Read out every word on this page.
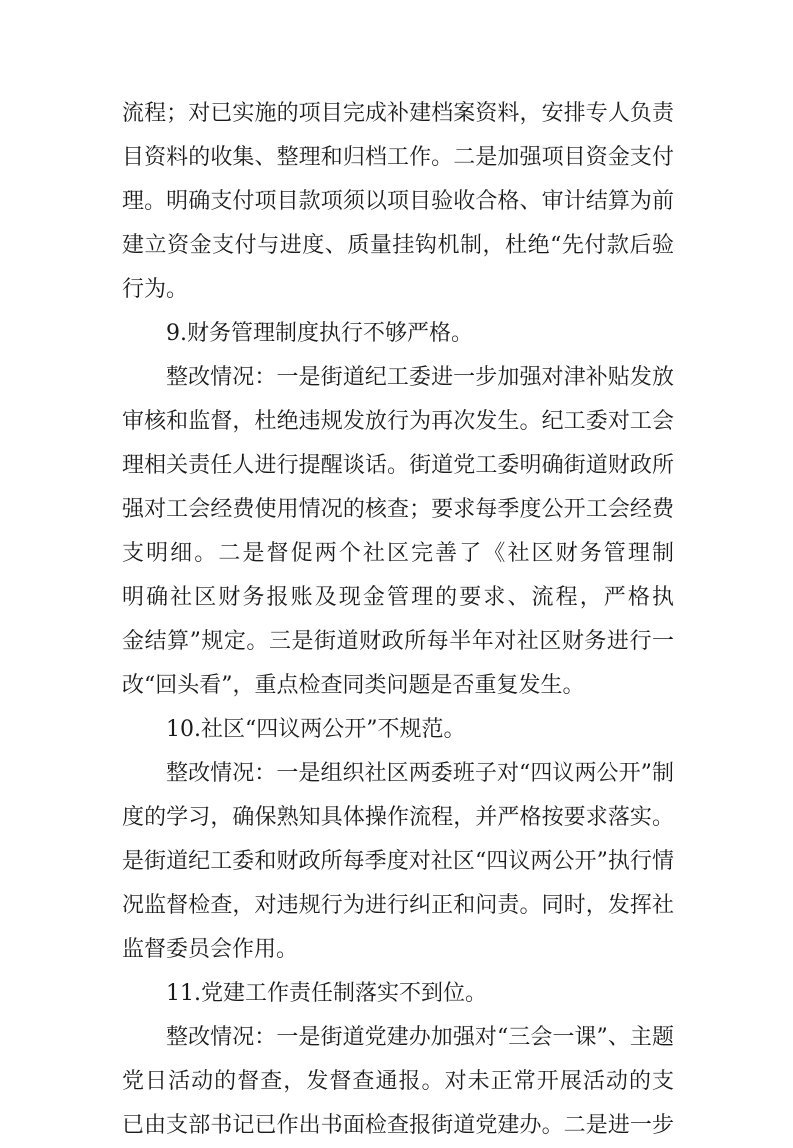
流程；对已实施的项目完成补建档案资料，安排专人负责
目资料的收集、整理和归档工作。二是加强项目资金支付
理。明确支付项目款项须以项目验收合格、审计结算为前
建立资金支付与进度、质量挂钩机制，杜绝“先付款后验
行为。
9.财务管理制度执行不够严格。
整改情况：一是街道纪工委进一步加强对津补贴发放
审核和监督，杜绝违规发放行为再次发生。纪工委对工会
理相关责任人进行提醒谈话。街道党工委明确街道财政所
强对工会经费使用情况的核查；要求每季度公开工会经费
支明细。二是督促两个社区完善了《社区财务管理制
明确社区财务报账及现金管理的要求、流程，严格执
金结算”规定。三是街道财政所每半年对社区财务进行一
改“回头看”，重点检查同类问题是否重复发生。
10.社区“四议两公开”不规范。
整改情况：一是组织社区两委班子对“四议两公开”制
度的学习，确保熟知具体操作流程，并严格按要求落实。
是街道纪工委和财政所每季度对社区“四议两公开”执行情
况监督检查，对违规行为进行纠正和问责。同时，发挥社
监督委员会作用。
11.党建工作责任制落实不到位。
整改情况：一是街道党建办加强对“三会一课”、主题
党日活动的督查，发督查通报。对未正常开展活动的支
已由支部书记已作出书面检查报街道党建办。二是进一步
